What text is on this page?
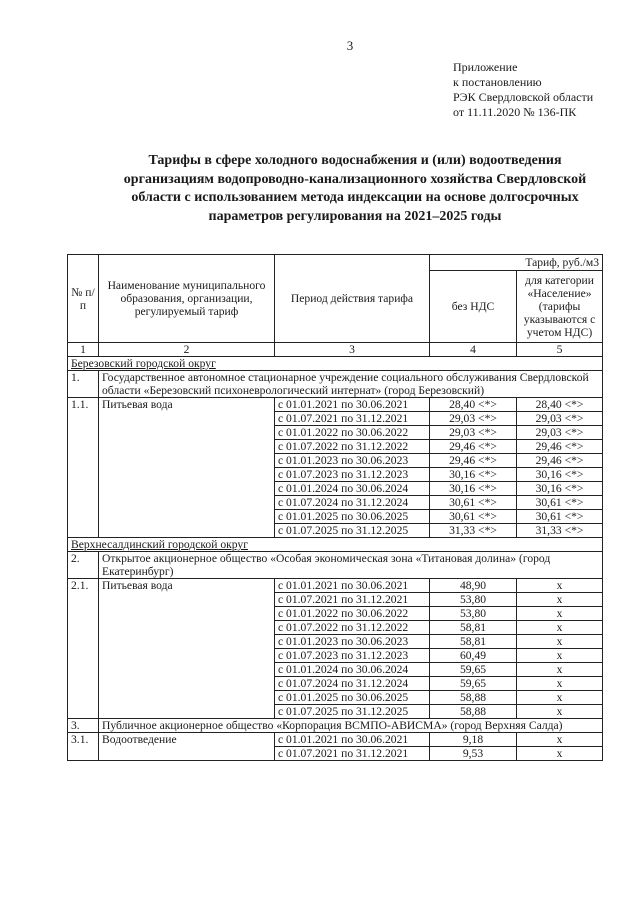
3
Приложение
к постановлению
РЭК Свердловской области
от 11.11.2020 № 136-ПК
Тарифы в сфере холодного водоснабжения и (или) водоотведения организациям водопроводно-канализационного хозяйства Свердловской области с использованием метода индексации на основе долгосрочных параметров регулирования на 2021–2025 годы
№ п/п	Наименование муниципального образования, организации, регулируемый тариф	Период действия тарифа	Тариф, руб./м3	
			без НДС	для категории «Население» (тарифы указываются с учетом НДС)
1	2	3	4	5
Березовский городской округ				
1.	Государственное автономное стационарное учреждение социального обслуживания Свердловской области «Березовский психоневрологический интернат» (город Березовский)			
1.1.	Питьевая вода	с 01.01.2021 по 30.06.2021	28,40 <*>	28,40 <*>
		с 01.07.2021 по 31.12.2021	29,03 <*>	29,03 <*>
		с 01.01.2022 по 30.06.2022	29,03 <*>	29,03 <*>
		с 01.07.2022 по 31.12.2022	29,46 <*>	29,46 <*>
		с 01.01.2023 по 30.06.2023	29,46 <*>	29,46 <*>
		с 01.07.2023 по 31.12.2023	30,16 <*>	30,16 <*>
		с 01.01.2024 по 30.06.2024	30,16 <*>	30,16 <*>
		с 01.07.2024 по 31.12.2024	30,61 <*>	30,61 <*>
		с 01.01.2025 по 30.06.2025	30,61 <*>	30,61 <*>
		с 01.07.2025 по 31.12.2025	31,33 <*>	31,33 <*>
Верхнесалдинский городской округ				
2.	Открытое акционерное общество «Особая экономическая зона «Титановая долина» (город Екатеринбург)			
2.1.	Питьевая вода	с 01.01.2021 по 30.06.2021	48,90	х
		с 01.07.2021 по 31.12.2021	53,80	х
		с 01.01.2022 по 30.06.2022	53,80	х
		с 01.07.2022 по 31.12.2022	58,81	х
		с 01.01.2023 по 30.06.2023	58,81	х
		с 01.07.2023 по 31.12.2023	60,49	х
		с 01.01.2024 по 30.06.2024	59,65	х
		с 01.07.2024 по 31.12.2024	59,65	х
		с 01.01.2025 по 30.06.2025	58,88	х
		с 01.07.2025 по 31.12.2025	58,88	х
3.	Публичное акционерное общество «Корпорация ВСМПО-АВИСМА» (город Верхняя Салда)			
3.1.	Водоотведение	с 01.01.2021 по 30.06.2021	9,18	х
		с 01.07.2021 по 31.12.2021	9,53	х
